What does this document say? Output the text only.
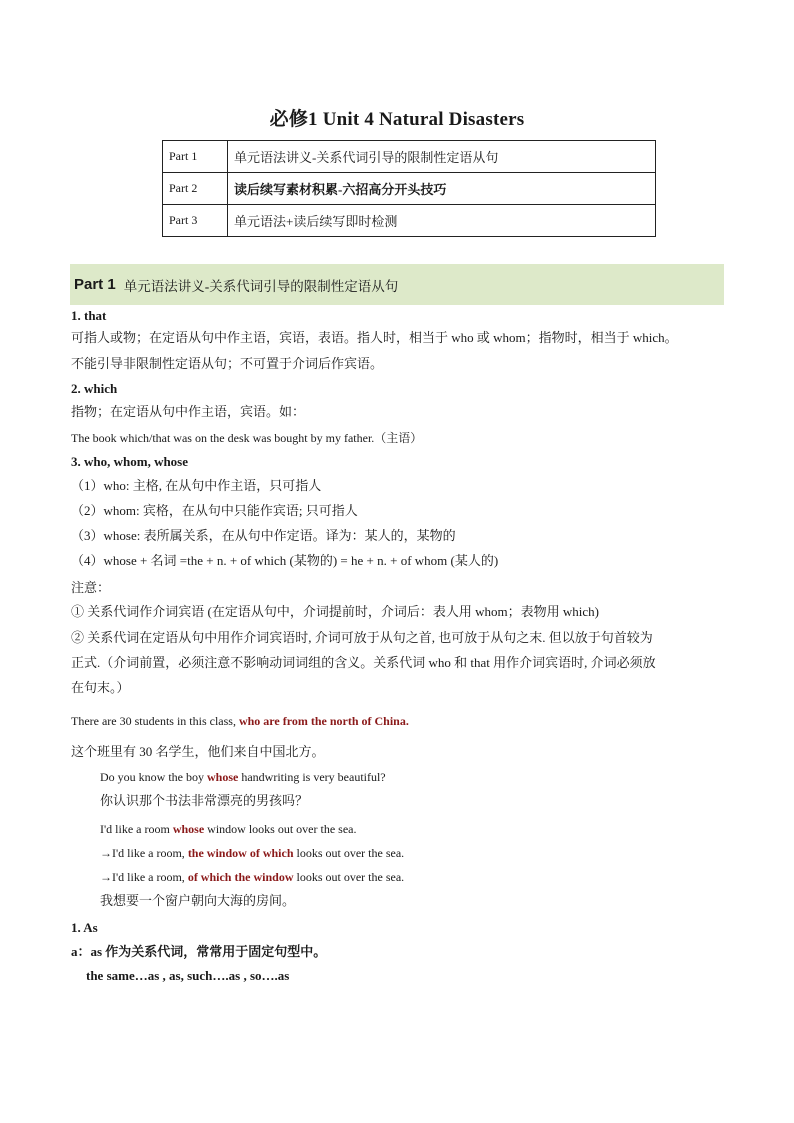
必修1 Unit 4 Natural Disasters
Part 1	单元语法讲义-关系代词引导的限制性定语从句
Part 2	读后续写素材积累-六招高分开头技巧
Part 3	单元语法+读后续写即时检测
Part 1 单元语法讲义-关系代词引导的限制性定语从句
1. that
可指人或物；在定语从句中作主语，宾语，表语。指人时，相当于 who 或 whom；指物时，相当于 which。
不能引导非限制性定语从句；不可置于介词后作宾语。
2. which
指物；在定语从句中作主语，宾语。如：
The book which/that was on the desk was bought by my father.（主语）
3. who, whom, whose
（1）who: 主格, 在从句中作主语，只可指人
（2）whom: 宾格，在从句中只能作宾语; 只可指人
（3）whose: 表所属关系，在从句中作定语。译为：某人的，某物的
（4）whose + 名词 =the + n. + of which (某物的) = he + n. + of whom (某人的)
注意：
① 关系代词作介词宾语 (在定语从句中，介词提前时，介词后：表人用 whom；表物用 which)
② 关系代词在定语从句中用作介词宾语时, 介词可放于从句之首, 也可放于从句之末. 但以放于句首较为
正式.（介词前置，必须注意不影响动词词组的含义。关系代词 who 和 that 用作介词宾语时, 介词必须放
在句末。）
There are 30 students in this class, who are from the north of China.
这个班里有 30 名学生，他们来自中国北方。
Do you know the boy whose handwriting is very beautiful?
你认识那个书法非常漂亮的男孩吗？
I'd like a room whose window looks out over the sea.
→I'd like a room, the window of which looks out over the sea.
→I'd like a room, of which the window looks out over the sea.
我想要一个窗户朝向大海的房间。
1. As
a：as 作为关系代词，常常用于固定句型中。
the same…as , as, such….as , so….as
